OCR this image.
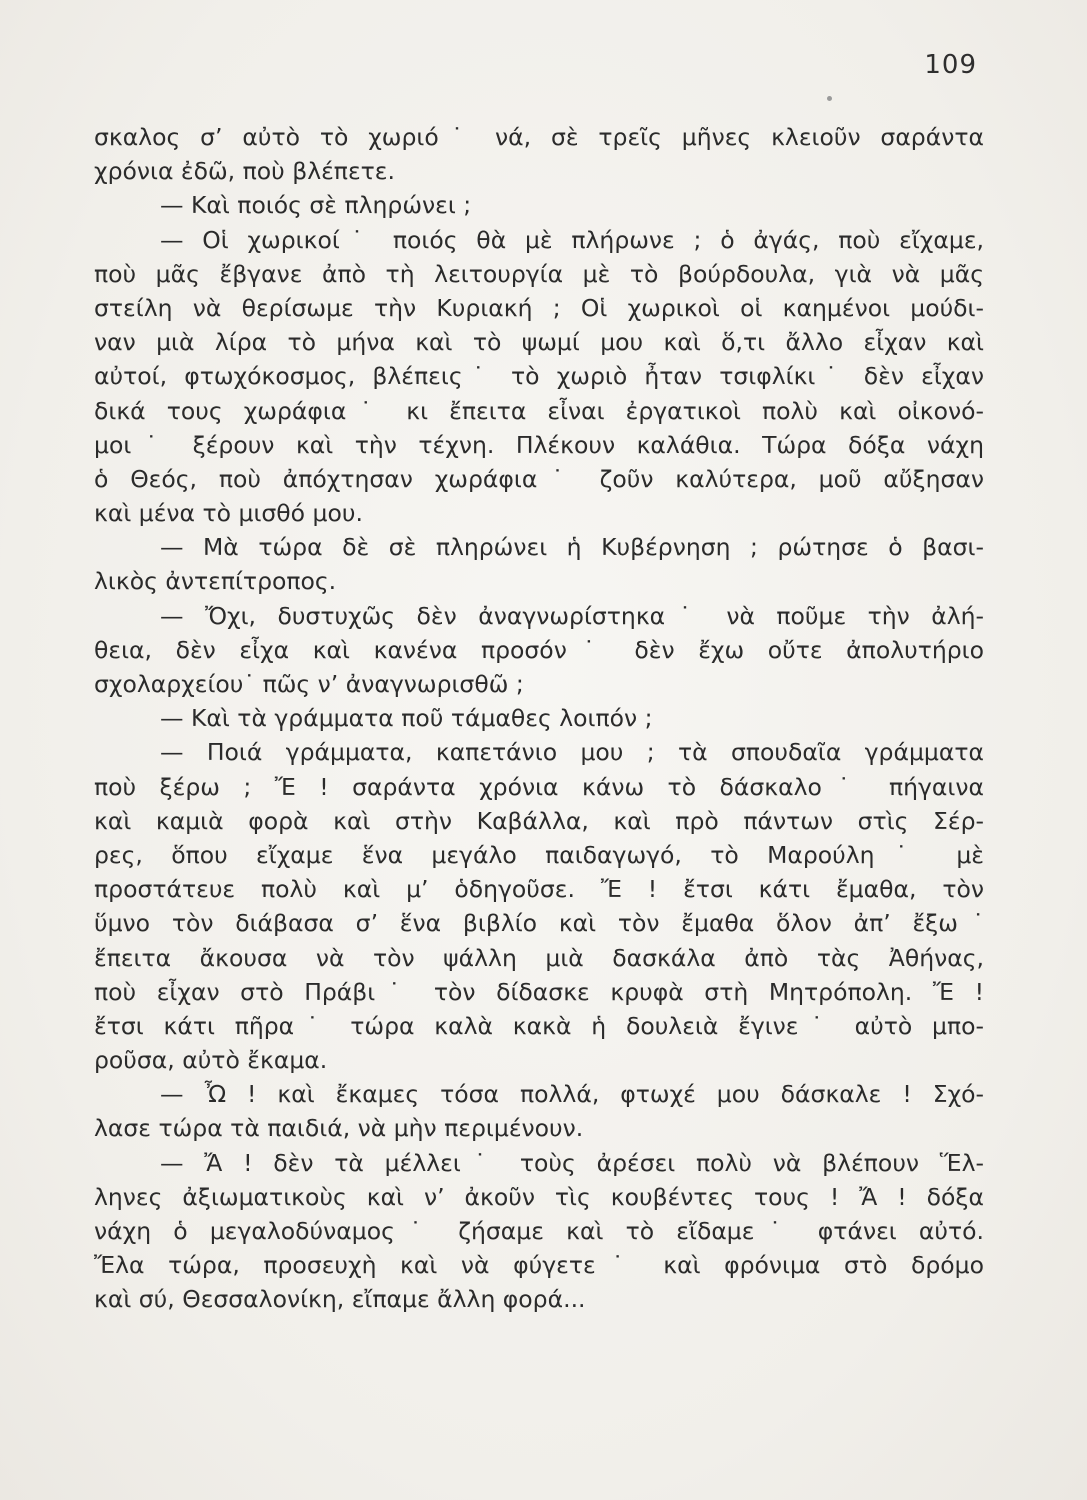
109
σκαλος σ’ αὐτὸ τὸ χωριό˙ νά, σὲ τρεῖς μῆνες κλειοῦν σαράντα
χρόνια ἐδῶ, ποὺ βλέπετε.
— Καὶ ποιός σὲ πληρώνει ;
— Οἱ χωρικοί˙ ποιός θὰ μὲ πλήρωνε ; ὁ ἀγάς, ποὺ εἴχαμε,
ποὺ μᾶς ἔβγανε ἀπὸ τὴ λειτουργία μὲ τὸ βούρδουλα, γιὰ νὰ μᾶς
στείλη νὰ θερίσωμε τὴν Κυριακή ; Οἱ χωρικοὶ οἱ καημένοι μούδι-
ναν μιὰ λίρα τὸ μήνα καὶ τὸ ψωμί μου καὶ ὅ,τι ἄλλο εἶχαν καὶ
αὐτοί, φτωχόκοσμος, βλέπεις˙ τὸ χωριὸ ἦταν τσιφλίκι˙ δὲν εἶχαν
δικά τους χωράφια˙ κι ἔπειτα εἶναι ἐργατικοὶ πολὺ καὶ οἰκονό-
μοι˙ ξέρουν καὶ τὴν τέχνη. Πλέκουν καλάθια. Τώρα δόξα νάχη
ὁ Θεός, ποὺ ἀπόχτησαν χωράφια˙ ζοῦν καλύτερα, μοῦ αὔξησαν
καὶ μένα τὸ μισθό μου.
— Μὰ τώρα δὲ σὲ πληρώνει ἡ Κυβέρνηση ; ρώτησε ὁ βασι-
λικὸς ἀντεπίτροπος.
— Ὄχι, δυστυχῶς δὲν ἀναγνωρίστηκα˙ νὰ ποῦμε τὴν ἀλή-
θεια, δὲν εἶχα καὶ κανένα προσόν˙ δὲν ἔχω οὔτε ἀπολυτήριο
σχολαρχείου˙ πῶς ν’ ἀναγνωρισθῶ ;
— Καὶ τὰ γράμματα ποῦ τάμαθες λοιπόν ;
— Ποιά γράμματα, καπετάνιο μου ; τὰ σπουδαῖα γράμματα
ποὺ ξέρω ; Ἔ ! σαράντα χρόνια κάνω τὸ δάσκαλο˙ πήγαινα
καὶ καμιὰ φορὰ καὶ στὴν Καβάλλα, καὶ πρὸ πάντων στὶς Σέρ-
ρες, ὅπου εἴχαμε ἕνα μεγάλο παιδαγωγό, τὸ Μαρούλη˙ μὲ
προστάτευε πολὺ καὶ μ’ ὁδηγοῦσε. Ἔ ! ἔτσι κάτι ἔμαθα, τὸν
ὕμνο τὸν διάβασα σ’ ἕνα βιβλίο καὶ τὸν ἔμαθα ὅλον ἀπ’ ἔξω˙
ἔπειτα ἄκουσα νὰ τὸν ψάλλη μιὰ δασκάλα ἀπὸ τὰς Ἀθήνας,
ποὺ εἶχαν στὸ Πράβι˙ τὸν δίδασκε κρυφὰ στὴ Μητρόπολη. Ἔ !
ἔτσι κάτι πῆρα˙ τώρα καλὰ κακὰ ἡ δουλειὰ ἔγινε˙ αὐτὸ μπο-
ροῦσα, αὐτὸ ἔκαμα.
— Ὦ ! καὶ ἔκαμες τόσα πολλά, φτωχέ μου δάσκαλε ! Σχό-
λασε τώρα τὰ παιδιά, νὰ μὴν περιμένουν.
— Ἄ ! δὲν τὰ μέλλει˙ τοὺς ἀρέσει πολὺ νὰ βλέπουν Ἕλ-
ληνες ἀξιωματικοὺς καὶ ν’ ἀκοῦν τὶς κουβέντες τους ! Ἄ ! δόξα
νάχη ὁ μεγαλοδύναμος˙ ζήσαμε καὶ τὸ εἴδαμε˙ φτάνει αὐτό.
Ἔλα τώρα, προσευχὴ καὶ νὰ φύγετε˙ καὶ φρόνιμα στὸ δρόμο
καὶ σύ, Θεσσαλονίκη, εἴπαμε ἄλλη φορά...
